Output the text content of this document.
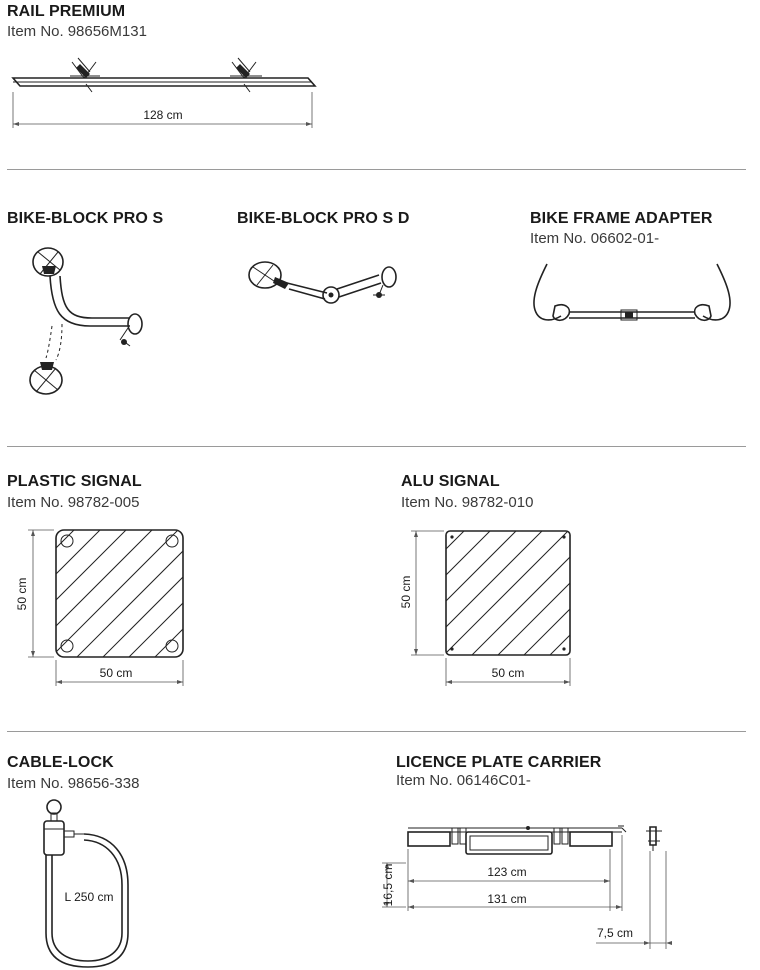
RAIL PREMIUM
Item No. 98656M131
128 cm
BIKE-BLOCK PRO S	BIKE-BLOCK PRO S D	BIKE FRAME ADAPTER
Item No. 06602-01-
PLASTIC SIGNAL
Item No. 98782-005
50 cm
50 cm
ALU SIGNAL
Item No. 98782-010
50 cm
50 cm
CABLE-LOCK
Item No. 98656-338
L 250 cm
LICENCE PLATE CARRIER
Item No. 06146C01-
16,5 cm	123 cm
131 cm
7,5 cm
